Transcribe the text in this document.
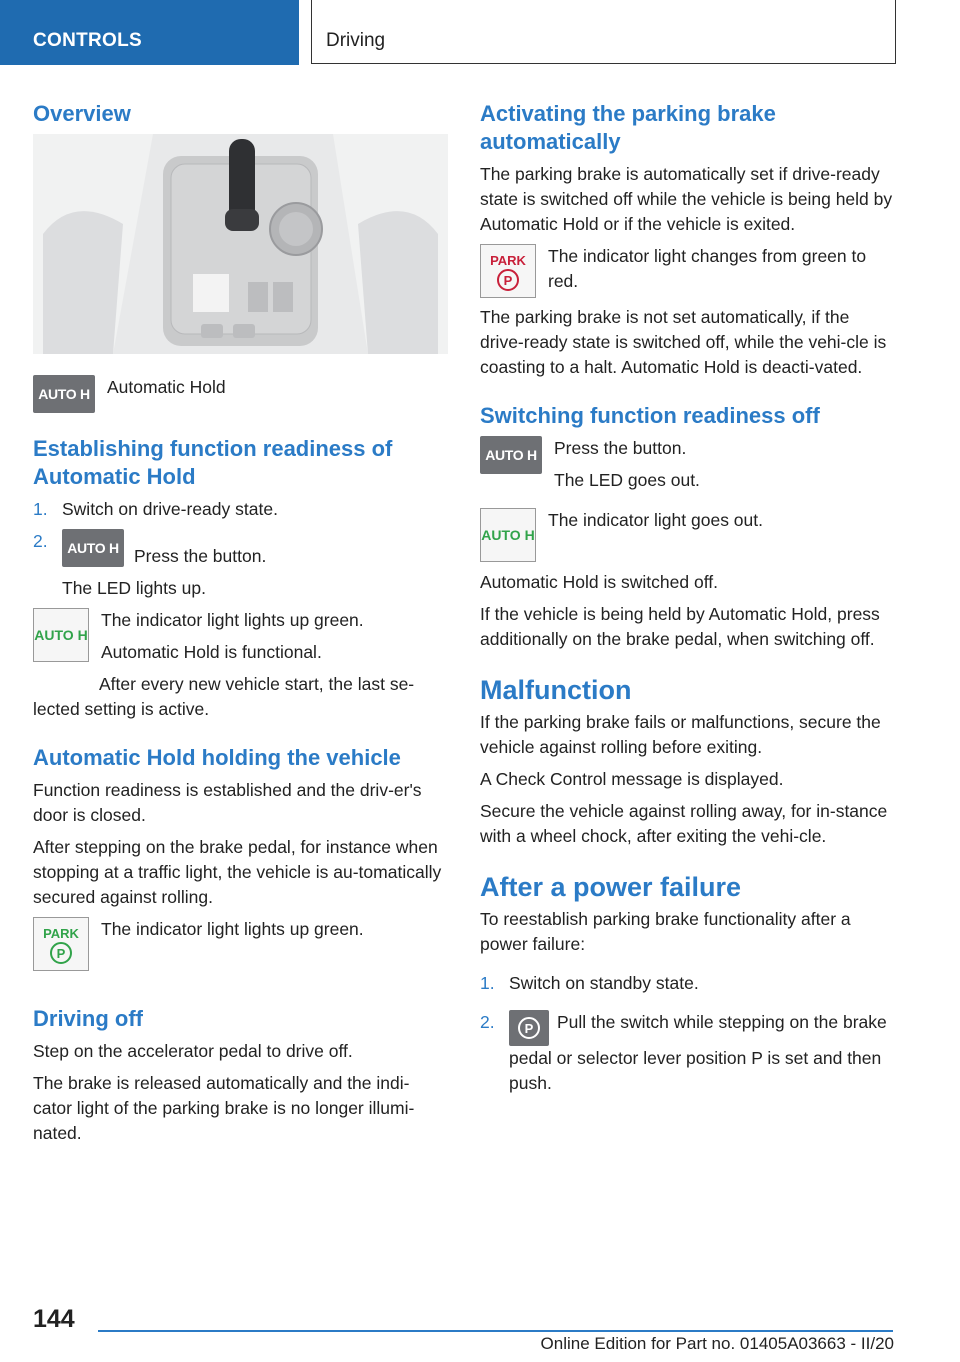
CONTROLS	Driving
Overview
AUTO H Automatic Hold
Establishing function readiness of Automatic Hold
1. Switch on drive-ready state.
2.	AUTO H Press the button.

The LED lights up.

AUTO H

The indicator light lights up green.

Automatic Hold is functional.

After every new vehicle start, the last se-lected setting is active.

Automatic Hold holding the vehicle

Function readiness is established and the driv-er's door is closed.

After stepping on the brake pedal, for instance when stopping at a traffic light, the vehicle is au-tomatically secured against rolling.

PARK
P
The indicator light lights up green.
Driving off

Step on the accelerator pedal to drive off.

The brake is released automatically and the indi-cator light of the parking brake is no longer illumi-nated.

Activating the parking brake automatically

The parking brake is automatically set if drive-ready state is switched off while the vehicle is being held by Automatic Hold or if the vehicle is exited.

PARK
P
The indicator light changes from green to red.

The parking brake is not set automatically, if the drive-ready state is switched off, while the vehi-cle is coasting to a halt. Automatic Hold is deacti-vated.

Switching function readiness off
AUTO H Press the button.

The LED goes out.

AUTO H
The indicator light goes out.

Automatic Hold is switched off.

If the vehicle is being held by Automatic Hold, press additionally on the brake pedal, when switching off.

Malfunction

If the parking brake fails or malfunctions, secure the vehicle against rolling before exiting.

A Check Control message is displayed.

Secure the vehicle against rolling away, for in-stance with a wheel chock, after exiting the vehi-cle.

After a power failure

To reestablish parking brake functionality after a power failure:

1. Switch on standby state.
2.	P Pull the switch while stepping on the brake pedal or selector lever position P is set and then push.
144
Online Edition for Part no. 01405A03663 - II/20
